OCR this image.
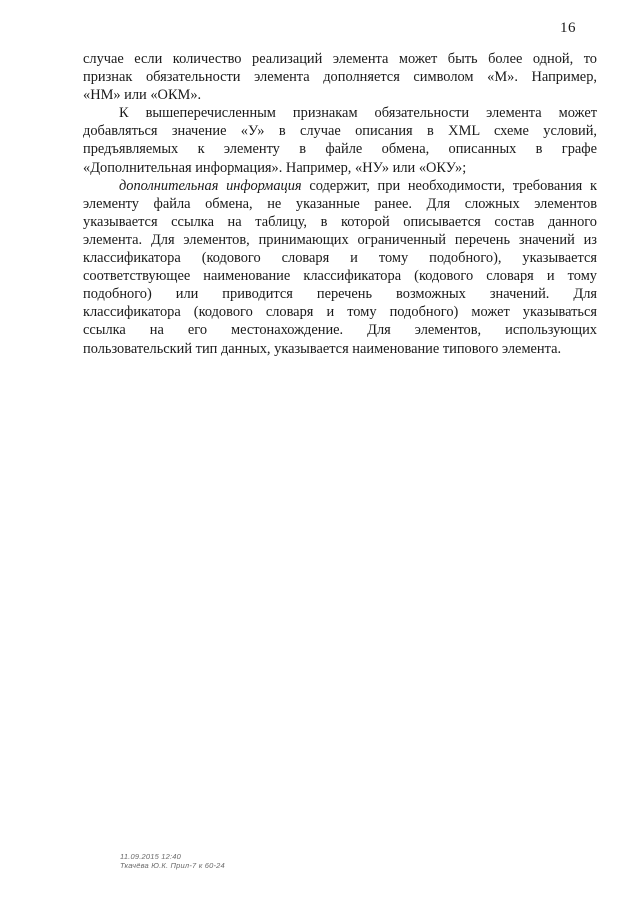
16
случае если количество реализаций элемента может быть более одной, то
признак обязательности элемента дополняется символом «М». Например,
«НМ» или «ОКМ».
К вышеперечисленным признакам обязательности элемента может
добавляться значение «У» в случае описания в XML схеме условий,
предъявляемых к элементу в файле обмена, описанных в графе
«Дополнительная информация». Например, «НУ» или «ОКУ»;
дополнительная информация содержит, при необходимости, требования к
элементу файла обмена, не указанные ранее. Для сложных элементов
указывается ссылка на таблицу, в которой описывается состав данного
элемента. Для элементов, принимающих ограниченный перечень значений из
классификатора (кодового словаря и тому подобного), указывается
соответствующее наименование классификатора (кодового словаря и тому
подобного) или приводится перечень возможных значений. Для
классификатора (кодового словаря и тому подобного) может указываться
ссылка на его местонахождение. Для элементов, использующих
пользовательский тип данных, указывается наименование типового элемента.
11.09.2015 12:40
Ткачёва Ю.К. Прил-7 к 60-24
